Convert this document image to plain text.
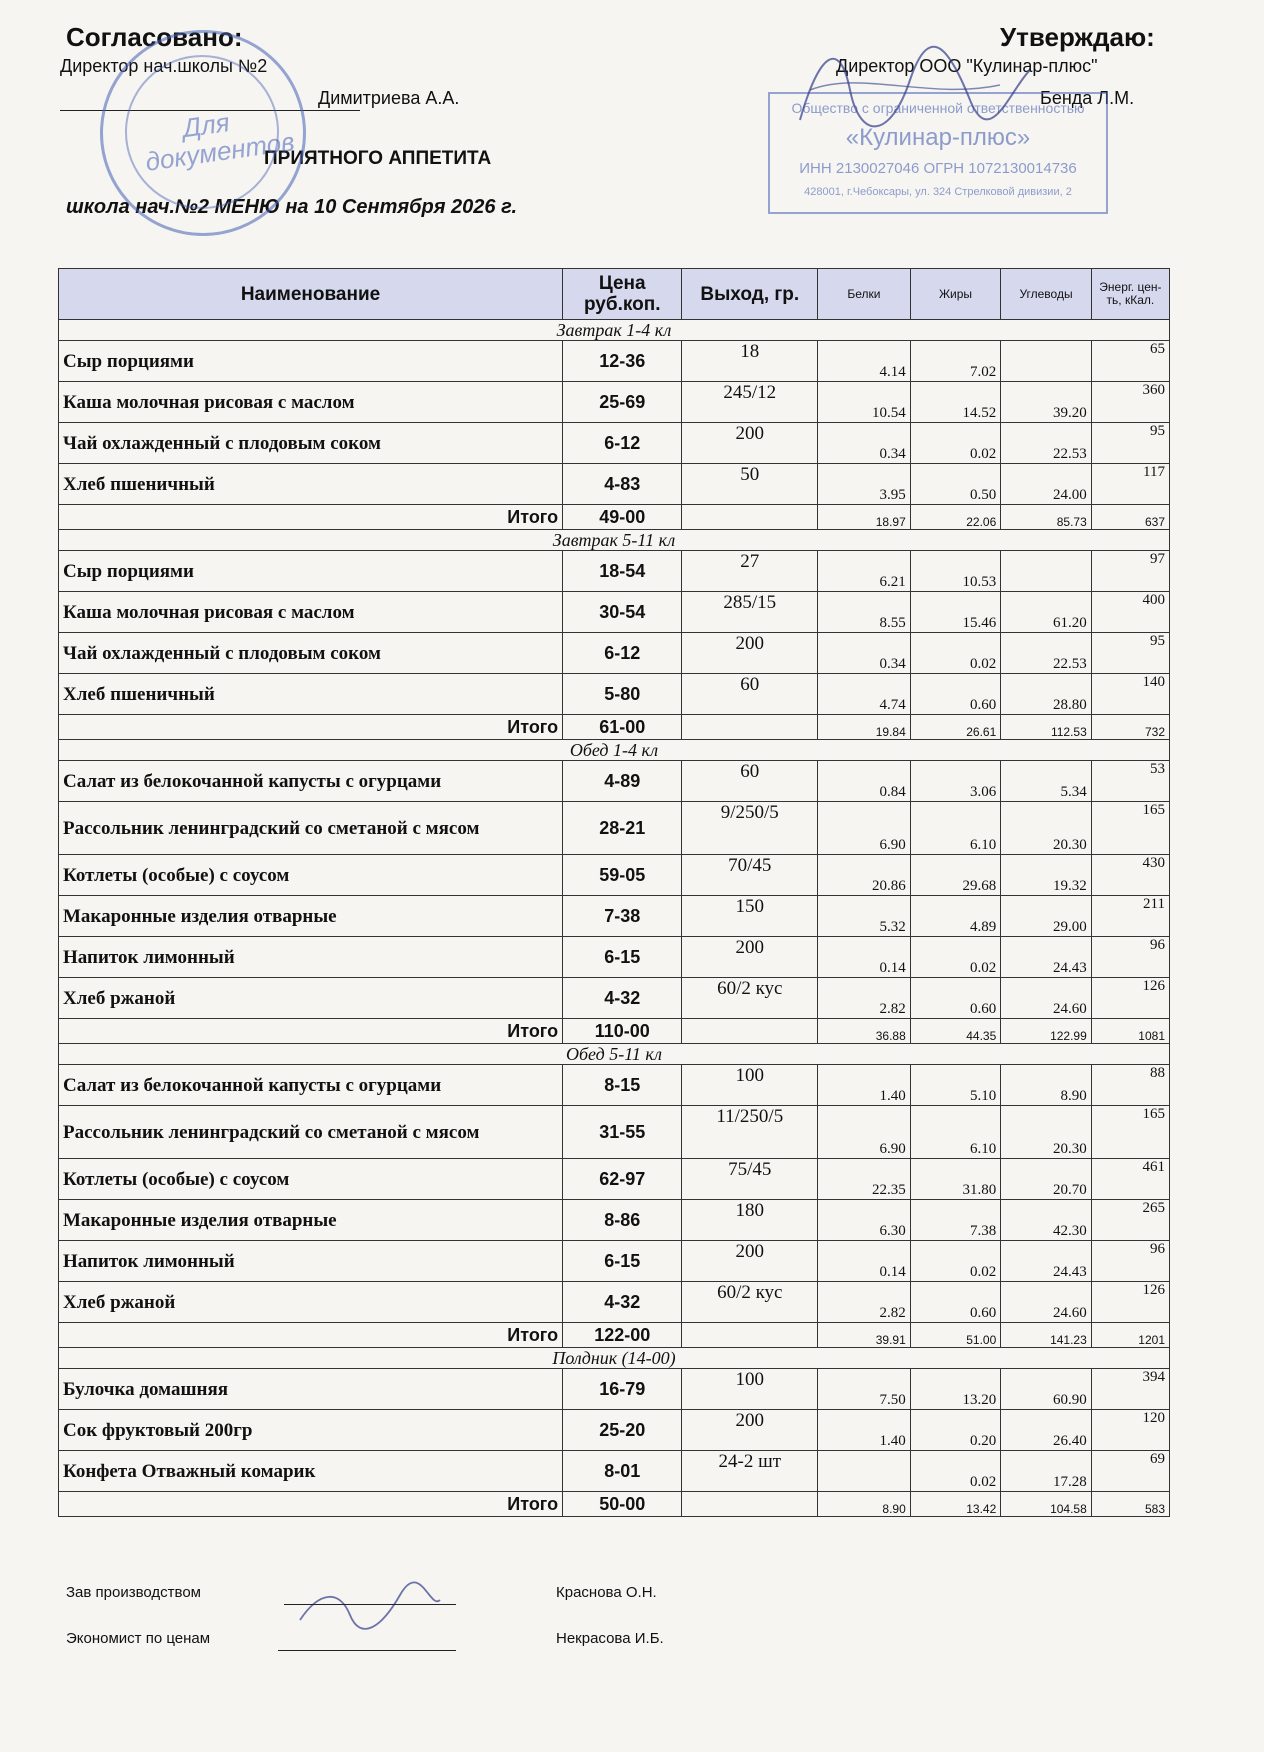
Согласовано:
Директор нач.школы №2
Димитриева А.А.
Утверждаю:
Директор ООО "Кулинар-плюс"
Бенда Л.М.
ПРИЯТНОГО АППЕТИТА
школа нач.№2 МЕНЮ на 10 Сентября 2026 г.
Для документов
Общество с ограниченной ответственностью
«Кулинар-плюс»
ИНН 2130027046 ОГРН 1072130014736
428001, г.Чебоксары, ул. 324 Стрелковой дивизии, 2
Наименование	Цена руб.коп.	Выход, гр.	Белки	Жиры	Углеводы	Энерг. цен-ть, кКал.
Завтрак 1-4 кл						
Сыр порциями	12-36	18	4.14	7.02		65
Каша молочная рисовая с маслом	25-69	245/12	10.54	14.52	39.20	360
Чай охлажденный с плодовым соком	6-12	200	0.34	0.02	22.53	95
Хлеб пшеничный	4-83	50	3.95	0.50	24.00	117
Итого	49-00		18.97	22.06	85.73	637
Завтрак 5-11 кл						
Сыр порциями	18-54	27	6.21	10.53		97
Каша молочная рисовая с маслом	30-54	285/15	8.55	15.46	61.20	400
Чай охлажденный с плодовым соком	6-12	200	0.34	0.02	22.53	95
Хлеб пшеничный	5-80	60	4.74	0.60	28.80	140
Итого	61-00		19.84	26.61	112.53	732
Обед 1-4 кл						
Салат из белокочанной капусты с огурцами	4-89	60	0.84	3.06	5.34	53
Рассольник ленинградский со сметаной с мясом	28-21	9/250/5	6.90	6.10	20.30	165
Котлеты (особые) с соусом	59-05	70/45	20.86	29.68	19.32	430
Макаронные изделия отварные	7-38	150	5.32	4.89	29.00	211
Напиток лимонный	6-15	200	0.14	0.02	24.43	96
Хлеб ржаной	4-32	60/2 кус	2.82	0.60	24.60	126
Итого	110-00		36.88	44.35	122.99	1081
Обед 5-11 кл						
Салат из белокочанной капусты с огурцами	8-15	100	1.40	5.10	8.90	88
Рассольник ленинградский со сметаной с мясом	31-55	11/250/5	6.90	6.10	20.30	165
Котлеты (особые) с соусом	62-97	75/45	22.35	31.80	20.70	461
Макаронные изделия отварные	8-86	180	6.30	7.38	42.30	265
Напиток лимонный	6-15	200	0.14	0.02	24.43	96
Хлеб ржаной	4-32	60/2 кус	2.82	0.60	24.60	126
Итого	122-00		39.91	51.00	141.23	1201
Полдник (14-00)						
Булочка домашняя	16-79	100	7.50	13.20	60.90	394
Сок фруктовый 200гр	25-20	200	1.40	0.20	26.40	120
Конфета Отважный комарик	8-01	24-2 шт		0.02	17.28	69
Итого	50-00		8.90	13.42	104.58	583
Зав производством	Краснова О.Н.
Экономист по ценам	Некрасова И.Б.
